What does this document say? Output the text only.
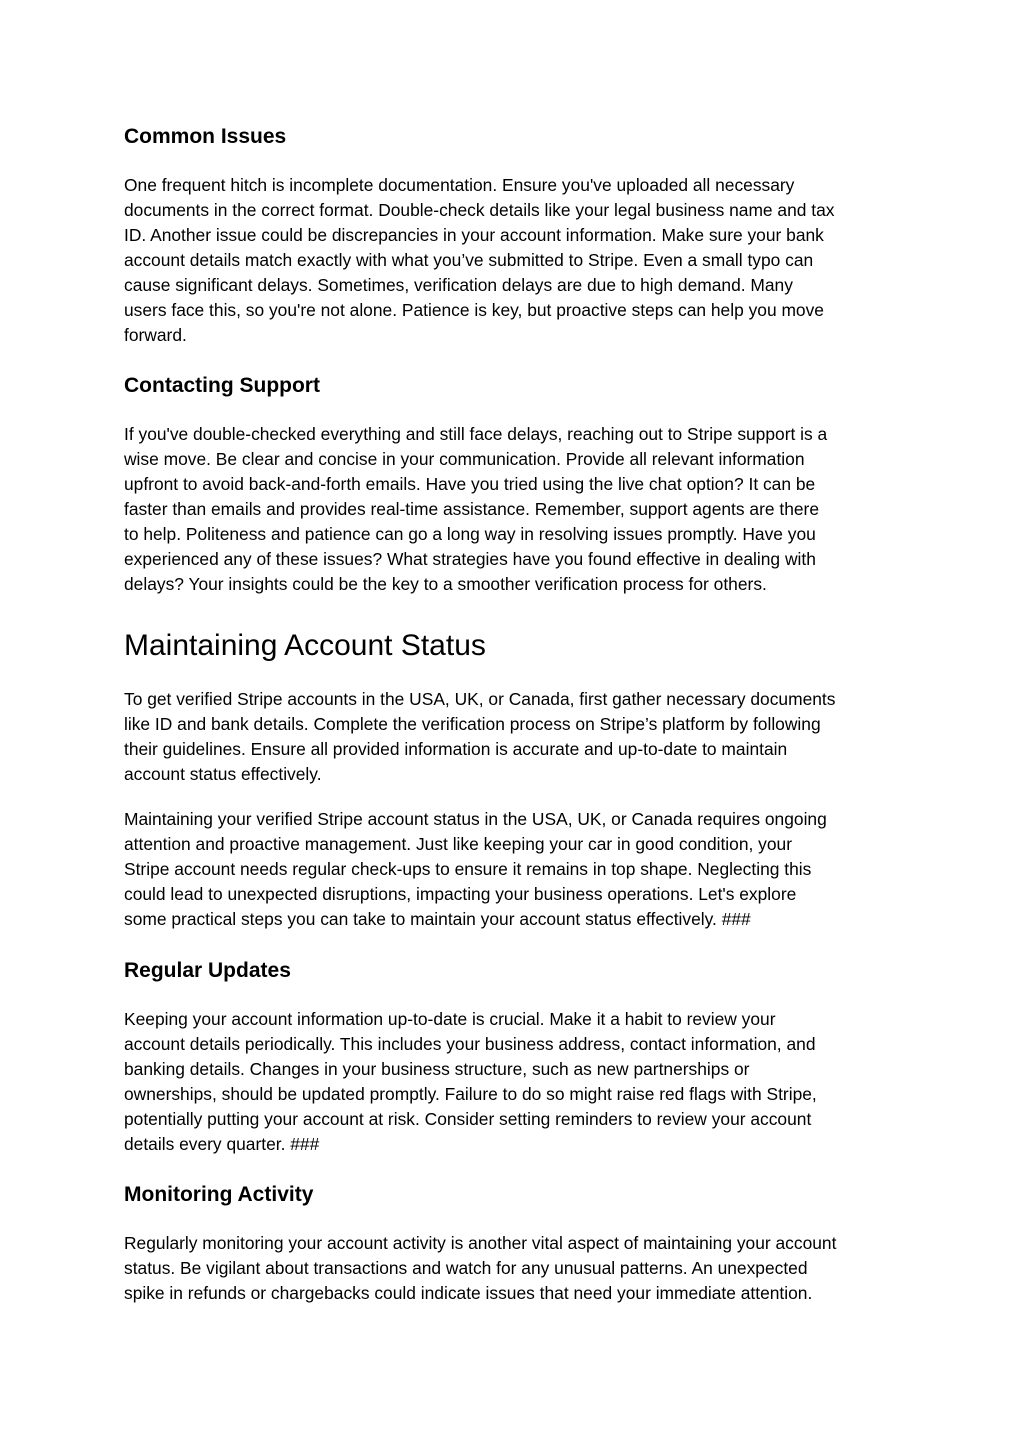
Common Issues
One frequent hitch is incomplete documentation. Ensure you've uploaded all necessary
documents in the correct format. Double-check details like your legal business name and tax
ID. Another issue could be discrepancies in your account information. Make sure your bank
account details match exactly with what you’ve submitted to Stripe. Even a small typo can
cause significant delays. Sometimes, verification delays are due to high demand. Many
users face this, so you're not alone. Patience is key, but proactive steps can help you move
forward.
Contacting Support
If you've double-checked everything and still face delays, reaching out to Stripe support is a
wise move. Be clear and concise in your communication. Provide all relevant information
upfront to avoid back-and-forth emails. Have you tried using the live chat option? It can be
faster than emails and provides real-time assistance. Remember, support agents are there
to help. Politeness and patience can go a long way in resolving issues promptly. Have you
experienced any of these issues? What strategies have you found effective in dealing with
delays? Your insights could be the key to a smoother verification process for others.
Maintaining Account Status
To get verified Stripe accounts in the USA, UK, or Canada, first gather necessary documents
like ID and bank details. Complete the verification process on Stripe’s platform by following
their guidelines. Ensure all provided information is accurate and up-to-date to maintain
account status effectively.
Maintaining your verified Stripe account status in the USA, UK, or Canada requires ongoing
attention and proactive management. Just like keeping your car in good condition, your
Stripe account needs regular check-ups to ensure it remains in top shape. Neglecting this
could lead to unexpected disruptions, impacting your business operations. Let's explore
some practical steps you can take to maintain your account status effectively. ###
Regular Updates
Keeping your account information up-to-date is crucial. Make it a habit to review your
account details periodically. This includes your business address, contact information, and
banking details. Changes in your business structure, such as new partnerships or
ownerships, should be updated promptly. Failure to do so might raise red flags with Stripe,
potentially putting your account at risk. Consider setting reminders to review your account
details every quarter. ###
Monitoring Activity
Regularly monitoring your account activity is another vital aspect of maintaining your account
status. Be vigilant about transactions and watch for any unusual patterns. An unexpected
spike in refunds or chargebacks could indicate issues that need your immediate attention.
